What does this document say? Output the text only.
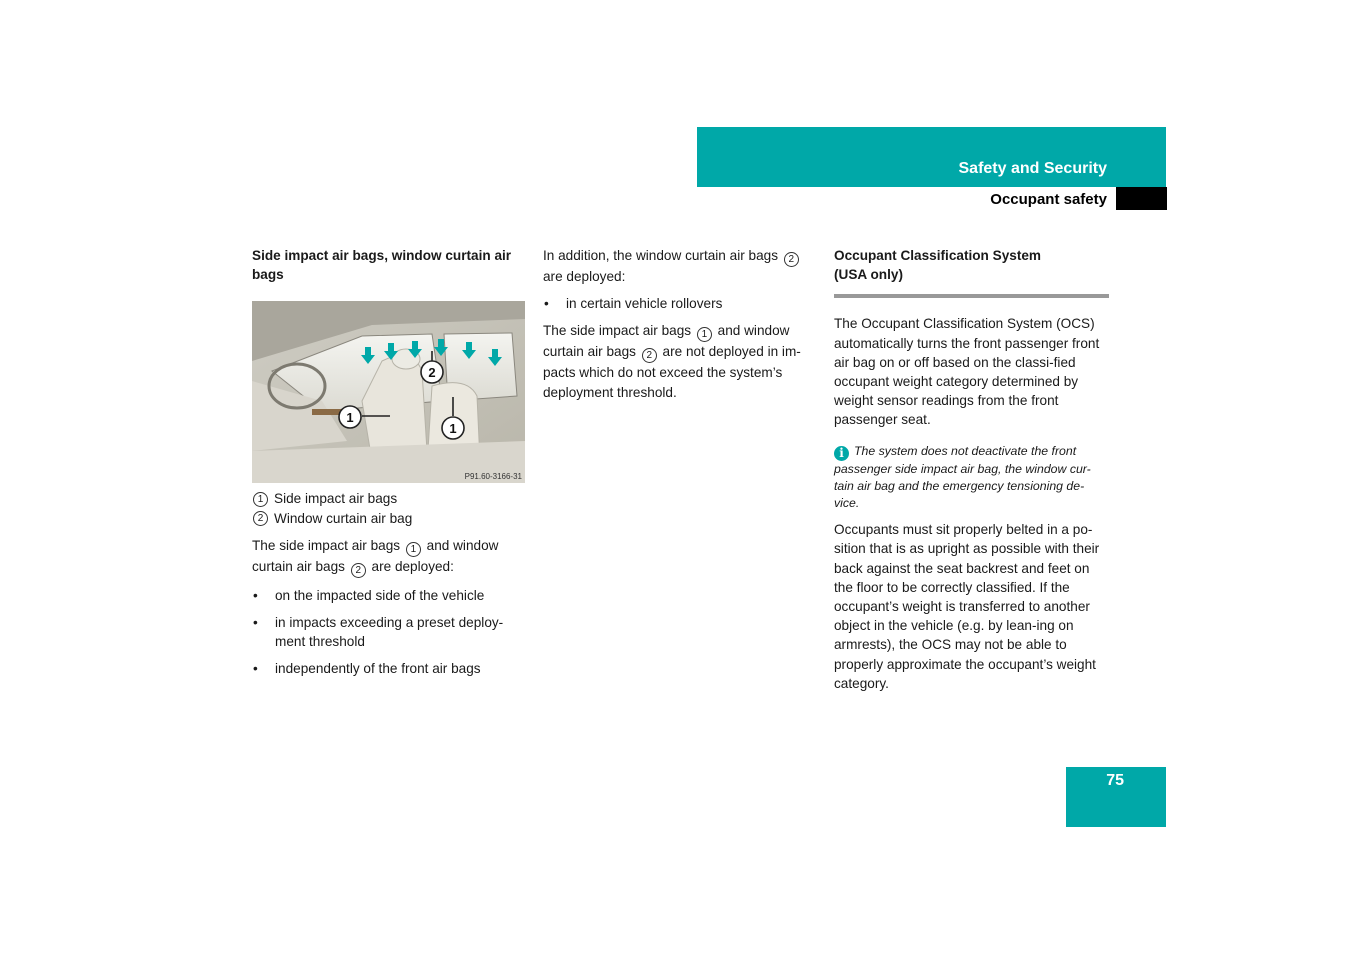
Safety and Security
Occupant safety

Side impact air bags, window curtain air bags

1
2
1
P91.60-3166-31
1 Side impact air bags
2 Window curtain air bag

The side impact air bags 1 and window curtain air bags 2 are deployed:

• on the impacted side of the vehicle
• in impacts exceeding a preset deploy-ment threshold
• independently of the front air bags

In addition, the window curtain air bags 2 are deployed:

• in certain vehicle rollovers

The side impact air bags 1 and window curtain air bags 2 are not deployed in im-pacts which do not exceed the system’s deployment threshold.

Occupant Classification System (USA only)

The Occupant Classification System (OCS) automatically turns the front passenger front air bag on or off based on the classi-fied occupant weight category determined by weight sensor readings from the front passenger seat.

i The system does not deactivate the front passenger side impact air bag, the window cur-tain air bag and the emergency tensioning de-vice.

Occupants must sit properly belted in a po-sition that is as upright as possible with their back against the seat backrest and feet on the floor to be correctly classified. If the occupant’s weight is transferred to another object in the vehicle (e.g. by lean-ing on armrests), the OCS may not be able to properly approximate the occupant’s weight category.

75
